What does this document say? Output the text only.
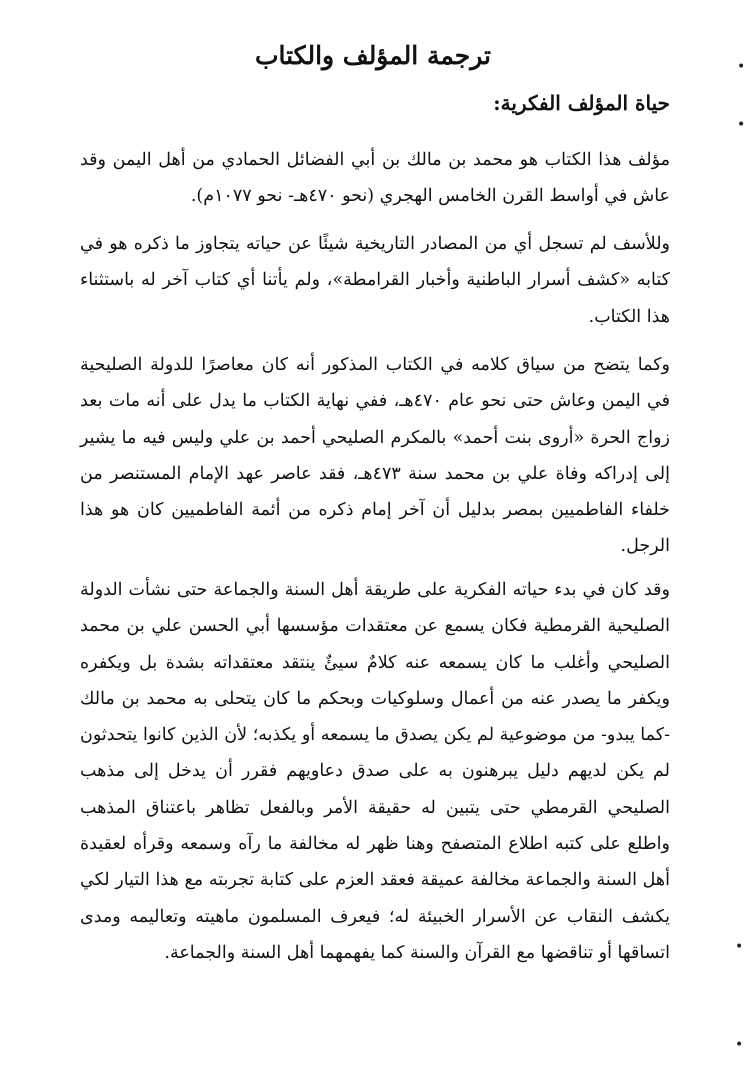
ترجمة المؤلف والكتاب
حياة المؤلف الفكرية:

مؤلف هذا الكتاب هو محمد بن مالك بن أبي الفضائل الحمادي من أهل اليمن وقد عاش في أواسط القرن الخامس الهجري (نحو ٤٧٠هـ- نحو ١٠٧٧م).

وللأسف لم تسجل أي من المصادر التاريخية شيئًا عن حياته يتجاوز ما ذكره هو في كتابه «كشف أسرار الباطنية وأخبار القرامطة»، ولم يأتنا أي كتاب آخر له باستثناء هذا الكتاب.

وكما يتضح من سياق كلامه في الكتاب المذكور أنه كان معاصرًا للدولة الصليحية في اليمن وعاش حتى نحو عام ٤٧٠هـ، ففي نهاية الكتاب ما يدل على أنه مات بعد زواج الحرة «أروى بنت أحمد» بالمكرم الصليحي أحمد بن علي وليس فيه ما يشير إلى إدراكه وفاة علي بن محمد سنة ٤٧٣هـ، فقد عاصر عهد الإمام المستنصر من خلفاء الفاطميين بمصر بدليل أن آخر إمام ذكره من أئمة الفاطميين كان هو هذا الرجل.

وقد كان في بدء حياته الفكرية على طريقة أهل السنة والجماعة حتى نشأت الدولة الصليحية القرمطية فكان يسمع عن معتقدات مؤسسها أبي الحسن علي بن محمد الصليحي وأغلب ما كان يسمعه عنه كلامٌ سيئٌ ينتقد معتقداته بشدة بل ويكفره ويكفر ما يصدر عنه من أعمال وسلوكيات وبحكم ما كان يتحلى به محمد بن مالك -كما يبدو- من موضوعية لم يكن يصدق ما يسمعه أو يكذبه؛ لأن الذين كانوا يتحدثون لم يكن لديهم دليل يبرهنون به على صدق دعاويهم فقرر أن يدخل إلى مذهب الصليحي القرمطي حتى يتبين له حقيقة الأمر وبالفعل تظاهر باعتناق المذهب واطلع على كتبه اطلاع المتصفح وهنا ظهر له مخالفة ما رآه وسمعه وقرأه لعقيدة أهل السنة والجماعة مخالفة عميقة فعقد العزم على كتابة تجربته مع هذا التيار لكي يكشف النقاب عن الأسرار الخبيئة له؛ فيعرف المسلمون ماهيته وتعاليمه ومدى اتساقها أو تناقضها مع القرآن والسنة كما يفهمهما أهل السنة والجماعة.

•
•
•
•
